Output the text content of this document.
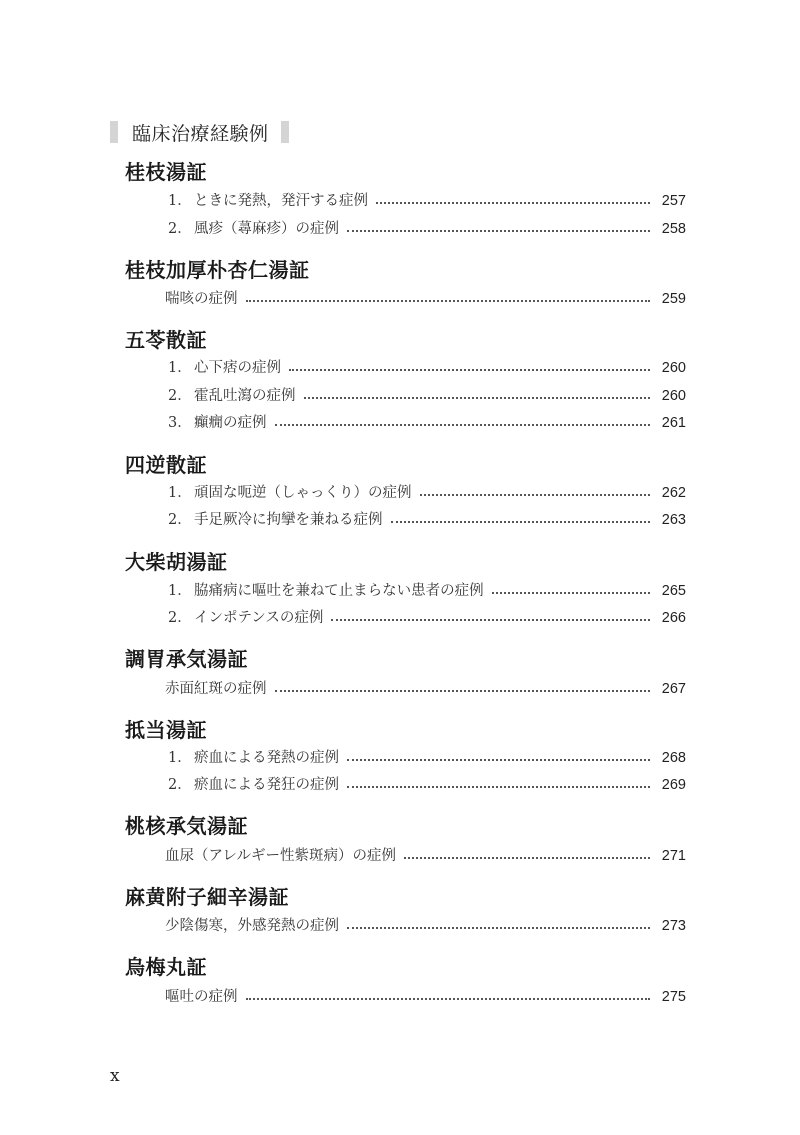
臨床治療経験例
桂枝湯証
1． ときに発熱，発汗する症例	257
2． 風疹（蕁麻疹）の症例	258
桂枝加厚朴杏仁湯証
喘咳の症例	259
五苓散証
1． 心下痞の症例	260
2． 霍乱吐瀉の症例	260
3． 癲癇の症例	261
四逆散証
1． 頑固な呃逆（しゃっくり）の症例	262
2． 手足厥冷に拘攣を兼ねる症例	263
大柴胡湯証
1． 脇痛病に嘔吐を兼ねて止まらない患者の症例	265
2． インポテンスの症例	266
調胃承気湯証
赤面紅斑の症例	267
抵当湯証
1． 瘀血による発熱の症例	268
2． 瘀血による発狂の症例	269
桃核承気湯証
血尿（アレルギー性紫斑病）の症例	271
麻黄附子細辛湯証
少陰傷寒，外感発熱の症例	273
烏梅丸証
嘔吐の症例	275
x
